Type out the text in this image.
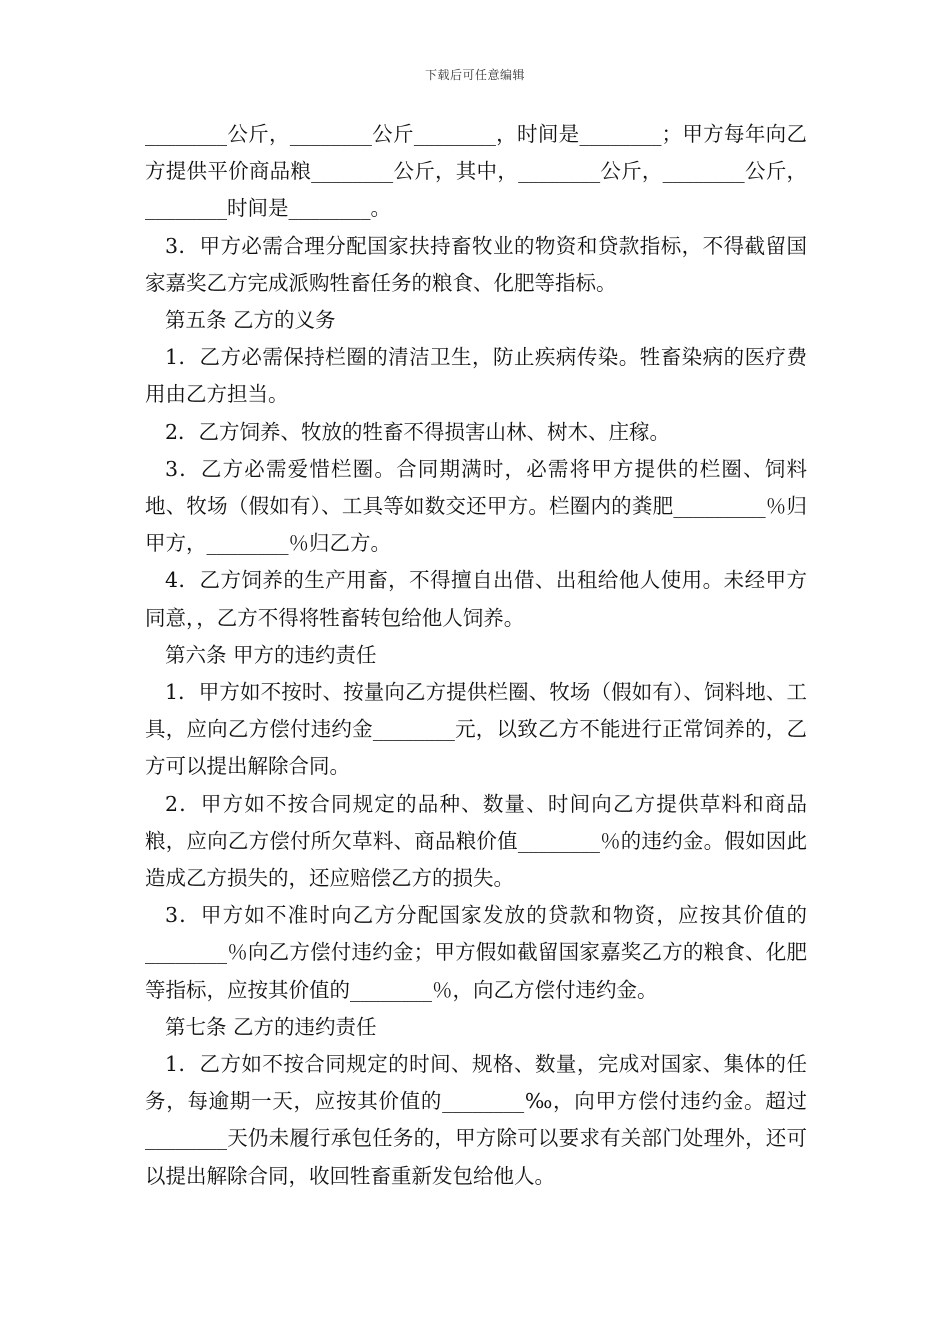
下载后可任意编辑

________公斤，________公斤________，时间是________；甲方每年向乙方提供平价商品粮________公斤，其中，________公斤，________公斤，________时间是________。

3．甲方必需合理分配国家扶持畜牧业的物资和贷款指标，不得截留国家嘉奖乙方完成派购牲畜任务的粮食、化肥等指标。

第五条 乙方的义务

1．乙方必需保持栏圈的清洁卫生，防止疾病传染。牲畜染病的医疗费用由乙方担当。

2．乙方饲养、牧放的牲畜不得损害山林、树木、庄稼。

3．乙方必需爱惜栏圈。合同期满时，必需将甲方提供的栏圈、饲料地、牧场（假如有）、工具等如数交还甲方。栏圈内的粪肥_________％归甲方，________％归乙方。

4．乙方饲养的生产用畜，不得擅自出借、出租给他人使用。未经甲方同意，，乙方不得将牲畜转包给他人饲养。

第六条 甲方的违约责任

1．甲方如不按时、按量向乙方提供栏圈、牧场（假如有）、饲料地、工具，应向乙方偿付违约金________元，以致乙方不能进行正常饲养的，乙方可以提出解除合同。

2．甲方如不按合同规定的品种、数量、时间向乙方提供草料和商品粮，应向乙方偿付所欠草料、商品粮价值________％的违约金。假如因此造成乙方损失的，还应赔偿乙方的损失。

3．甲方如不准时向乙方分配国家发放的贷款和物资，应按其价值的________％向乙方偿付违约金；甲方假如截留国家嘉奖乙方的粮食、化肥等指标，应按其价值的________％，向乙方偿付违约金。

第七条 乙方的违约责任

1．乙方如不按合同规定的时间、规格、数量，完成对国家、集体的任务，每逾期一天，应按其价值的________‰，向甲方偿付违约金。超过________天仍未履行承包任务的，甲方除可以要求有关部门处理外，还可以提出解除合同，收回牲畜重新发包给他人。
